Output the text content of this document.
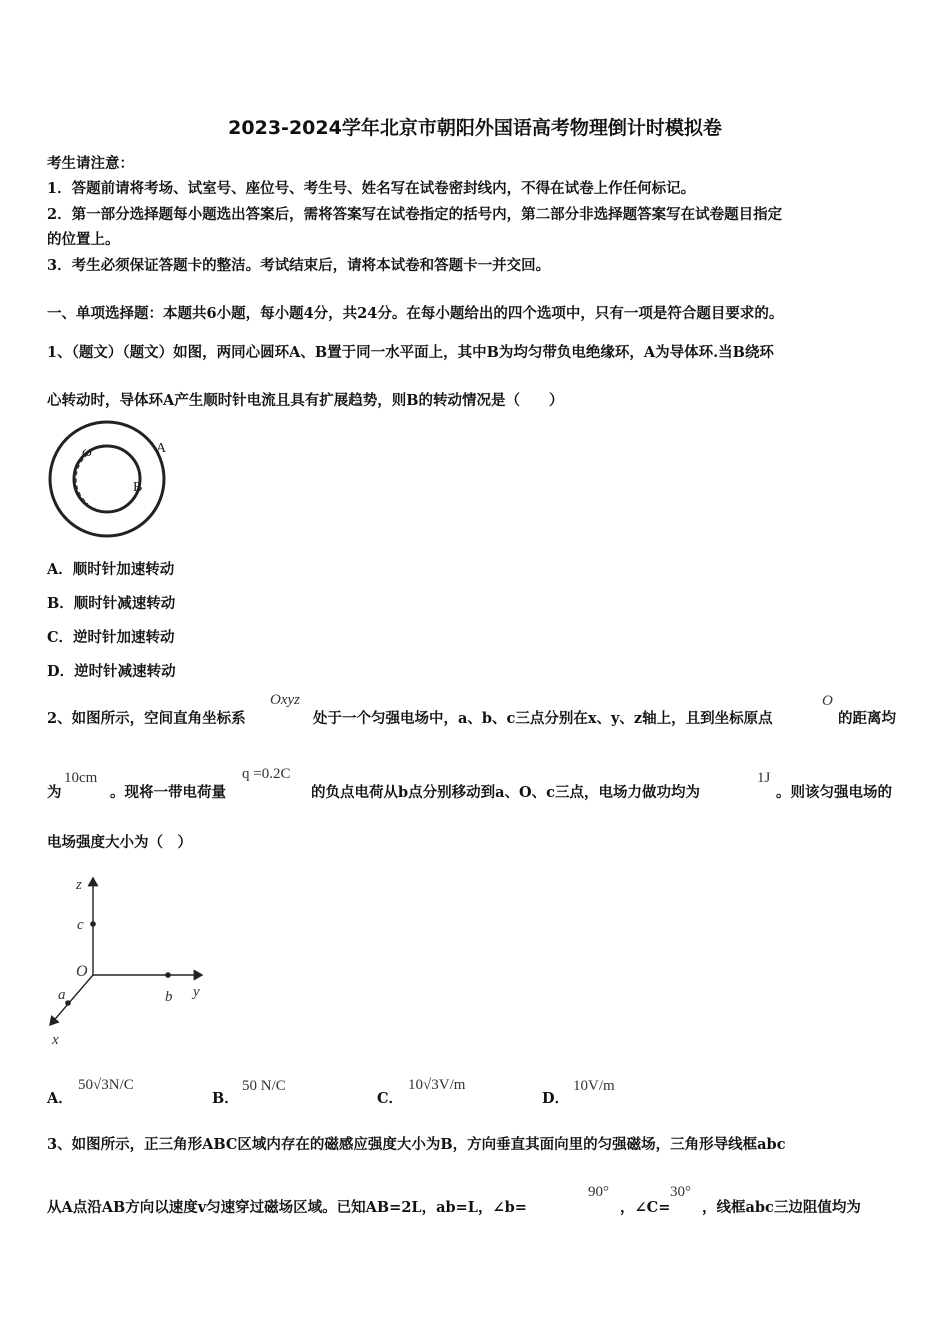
2023-2024学年北京市朝阳外国语高考物理倒计时模拟卷
考生请注意：
1．答题前请将考场、试室号、座位号、考生号、姓名写在试卷密封线内，不得在试卷上作任何标记。
2．第一部分选择题每小题选出答案后，需将答案写在试卷指定的括号内，第二部分非选择题答案写在试卷题目指定
的位置上。
3．考生必须保证答题卡的整洁。考试结束后，请将本试卷和答题卡一并交回。
一、单项选择题：本题共6小题，每小题4分，共24分。在每小题给出的四个选项中，只有一项是符合题目要求的。
1、（题文）（题文）如图，两同心圆环A、B置于同一水平面上，其中B为均匀带负电绝缘环，A为导体环.当B绕环
心转动时，导体环A产生顺时针电流且具有扩展趋势，则B的转动情况是（　　）
ω	A
B
A．顺时针加速转动
B．顺时针减速转动
C．逆时针加速转动
D．逆时针减速转动
2、如图所示，空间直角坐标系
Oxyz
处于一个匀强电场中，a、b、c三点分别在x、y、z轴上，且到坐标原点
O
的距离均
为
10cm
。现将一带电荷量
q =0.2C
的负点电荷从b点分别移动到a、O、c三点，电场力做功均为
1J
。则该匀强电场的
电场强度大小为（　）
z
c
O
a	b y
x
A．
50√3N/C
B．
50 N/C
C．
10√3V/m
D．
10V/m
3、如图所示，正三角形ABC区域内存在的磁感应强度大小为B，方向垂直其面向里的匀强磁场，三角形导线框abc
从A点沿AB方向以速度v匀速穿过磁场区域。已知AB=2L，ab=L，∠b=
90°
，∠C=
30°
，线框abc三边阻值均为
